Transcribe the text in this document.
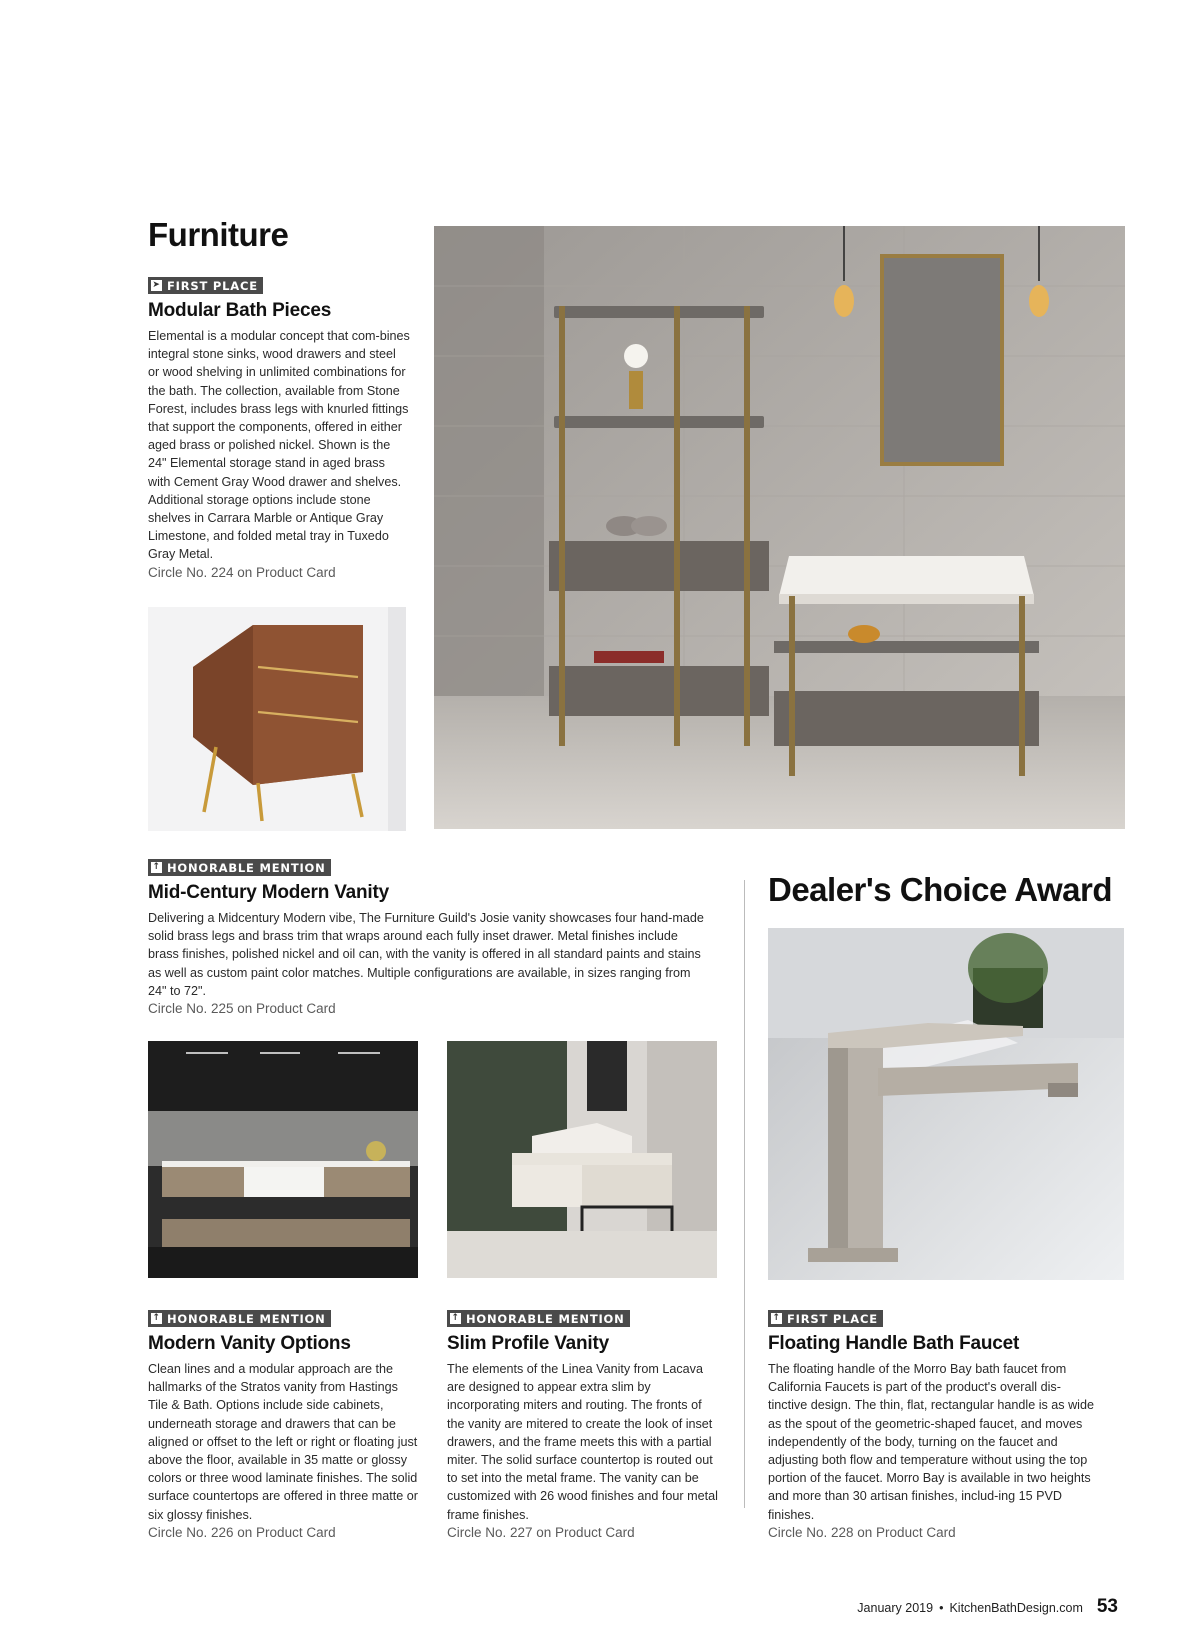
Furniture
➤ FIRST PLACE
Modular Bath Pieces
Elemental is a modular concept that com-bines integral stone sinks, wood drawers and steel or wood shelving in unlimited combinations for the bath. The collection, available from Stone Forest, includes brass legs with knurled fittings that support the components, offered in either aged brass or polished nickel. Shown is the 24" Elemental storage stand in aged brass with Cement Gray Wood drawer and shelves. Additional storage options include stone shelves in Carrara Marble or Antique Gray Limestone, and folded metal tray in Tuxedo Gray Metal.
Circle No. 224 on Product Card
↑ HONORABLE MENTION
Mid-Century Modern Vanity
Delivering a Midcentury Modern vibe, The Furniture Guild's Josie vanity showcases four hand-made solid brass legs and brass trim that wraps around each fully inset drawer. Metal finishes include brass finishes, polished nickel and oil can, with the vanity is offered in all standard paints and stains as well as custom paint color matches. Multiple configurations are available, in sizes ranging from 24" to 72".
Circle No. 225 on Product Card
↑ HONORABLE MENTION
Modern Vanity Options
Clean lines and a modular approach are the hallmarks of the Stratos vanity from Hastings Tile & Bath. Options include side cabinets, underneath storage and drawers that can be aligned or offset to the left or right or floating just above the floor, available in 35 matte or glossy colors or three wood laminate finishes. The solid surface countertops are offered in three matte or six glossy finishes.
Circle No. 226 on Product Card
↑ HONORABLE MENTION
Slim Profile Vanity
The elements of the Linea Vanity from Lacava are designed to appear extra slim by incorporating miters and routing. The fronts of the vanity are mitered to create the look of inset drawers, and the frame meets this with a partial miter. The solid surface countertop is routed out to set into the metal frame. The vanity can be customized with 26 wood finishes and four metal frame finishes.
Circle No. 227 on Product Card
Dealer's Choice Award
↑ FIRST PLACE
Floating Handle Bath Faucet
The floating handle of the Morro Bay bath faucet from California Faucets is part of the product's overall dis-tinctive design. The thin, flat, rectangular handle is as wide as the spout of the geometric-shaped faucet, and moves independently of the body, turning on the faucet and adjusting both flow and temperature without using the top portion of the faucet. Morro Bay is available in two heights and more than 30 artisan finishes, includ-ing 15 PVD finishes.
Circle No. 228 on Product Card
January 2019 • KitchenBathDesign.com 53
